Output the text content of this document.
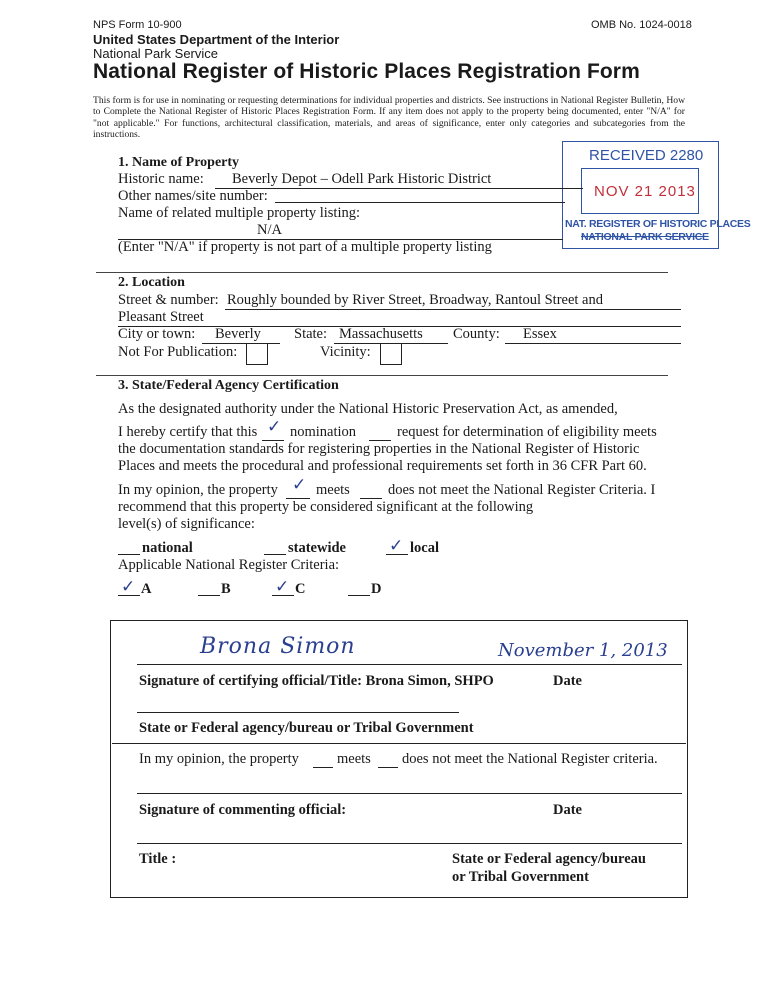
NPS Form 10-900	OMB No. 1024-0018
United States Department of the Interior
National Park Service
National Register of Historic Places Registration Form
This form is for use in nominating or requesting determinations for individual properties and districts. See instructions in National Register Bulletin, How to Complete the National Register of Historic Places Registration Form. If any item does not apply to the property being documented, enter "N/A" for "not applicable." For functions, architectural classification, materials, and areas of significance, enter only categories and subcategories from the instructions.
RECEIVED 2280
NOV 21 2013
NAT. REGISTER OF HISTORIC PLACES
NATIONAL PARK SERVICE
1. Name of Property
Historic name:	Beverly Depot – Odell Park Historic District
Other names/site number:
Name of related multiple property listing:
N/A
(Enter "N/A" if property is not part of a multiple property listing
2. Location
Street & number: Roughly bounded by River Street, Broadway, Rantoul Street and
Pleasant Street
City or town:	Beverly	State: Massachusetts	County:	Essex
Not For Publication:	Vicinity:
3. State/Federal Agency Certification
As the designated authority under the National Historic Preservation Act, as amended,
I hereby certify that this ✓ nomination	request for determination of eligibility meets
the documentation standards for registering properties in the National Register of Historic
Places and meets the procedural and professional requirements set forth in 36 CFR Part 60.
In my opinion, the property ✓ meets	does not meet the National Register Criteria. I
recommend that this property be considered significant at the following
level(s) of significance:
national	statewide	✓ local
Applicable National Register Criteria:
✓ A	B	✓ C	D
Brona Simon	November 1, 2013
Signature of certifying official/Title: Brona Simon, SHPO	Date
State or Federal agency/bureau or Tribal Government
In my opinion, the property	meets does not meet the National Register criteria.
Signature of commenting official:	Date
Title :	State or Federal agency/bureau
or Tribal Government
